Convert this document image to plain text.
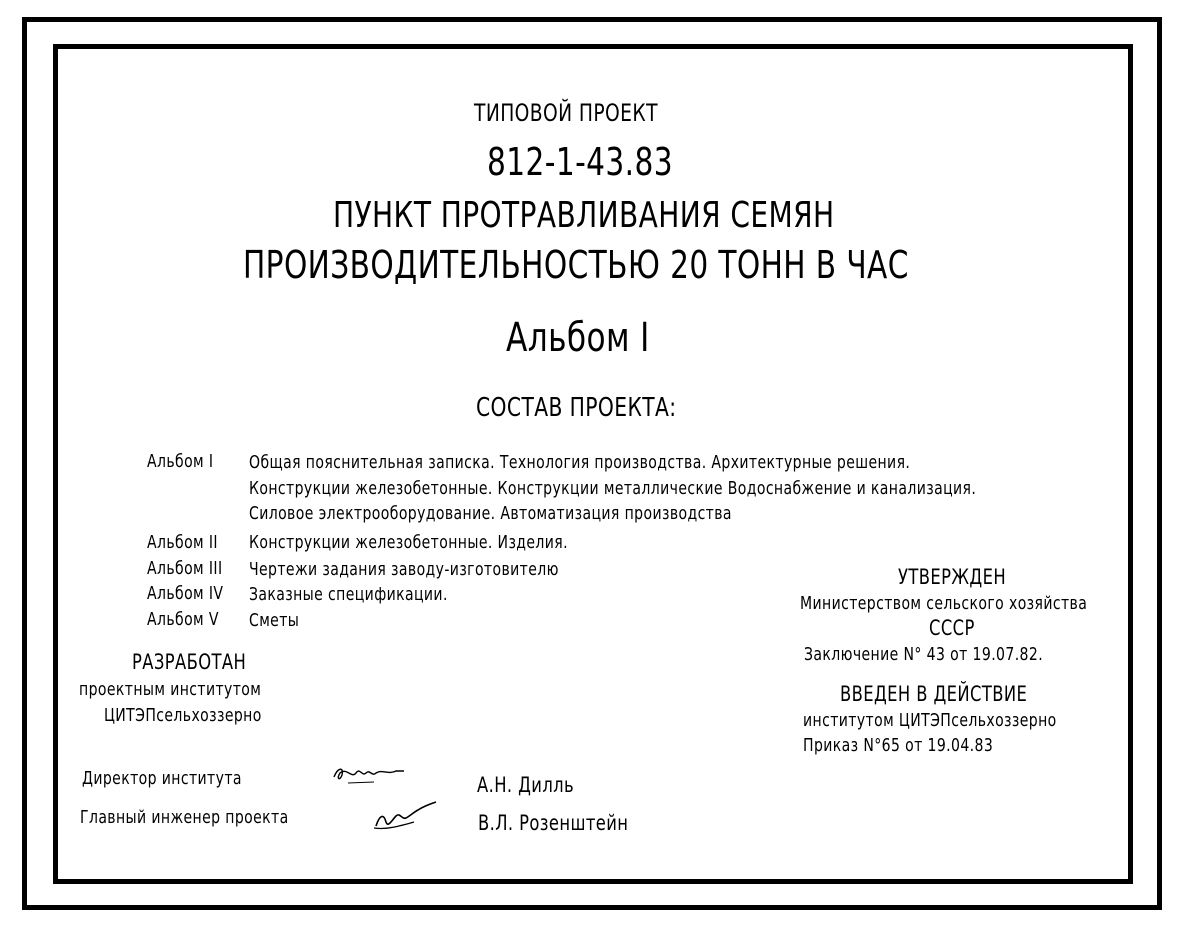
ТИПОВОЙ ПРОЕКТ
812-1-43.83
ПУНКТ ПРОТРАВЛИВАНИЯ СЕМЯН
ПРОИЗВОДИТЕЛЬНОСТЬЮ 20 ТОНН В ЧАС
Альбом I
СОСТАВ ПРОЕКТА:
Альбом I Общая пояснительная записка. Технология производства. Архитектурные решения.
Конструкции железобетонные. Конструкции металлические Водоснабжение и канализация.
Силовое электрооборудование. Автоматизация производства
Альбом II Конструкции железобетонные. Изделия.
Альбом III Чертежи задания заводу-изготовителю
Альбом IV Заказные спецификации.
Альбом V Сметы
УТВЕРЖДЕН
Министерством сельского хозяйства
СССР
Заключение N° 43 от 19.07.82.
ВВЕДЕН В ДЕЙСТВИЕ
институтом ЦИТЭПсельхоззерно
Приказ N°65 от 19.04.83
РАЗРАБОТАН
проектным институтом
ЦИТЭПсельхоззерно
Директор института	А.Н. Дилль
Главный инженер проекта	В.Л. Розенштейн
